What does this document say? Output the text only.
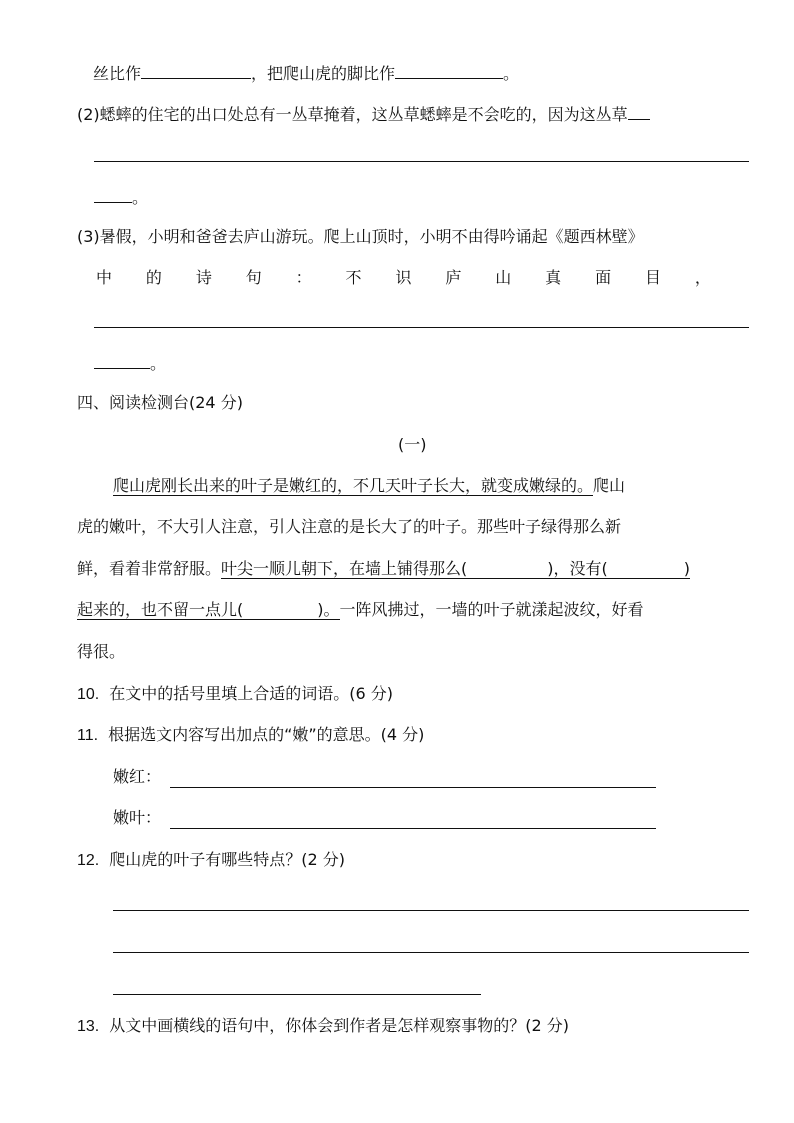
丝比作	，把爬山虎的脚比作	。
(2)蟋蟀的住宅的出口处总有一丛草掩着，这丛草蟋蟀是不会吃的，因为这丛草
。
(3)暑假，小明和爸爸去庐山游玩。爬上山顶时，小明不由得吟诵起《题西林壁》
中 的 诗 句 ： 不 识 庐 山 真 面 目 ，
。
四、阅读检测台(24 分)
(一)
爬山虎刚长出来的叶子是嫩红的，不几天叶子长大，就变成嫩绿的。爬山
虎的嫩叶，不大引人注意，引人注意的是长大了的叶子。那些叶子绿得那么新
鲜，看着非常舒服。叶尖一顺儿朝下，在墙上铺得那么(	)，没有(	)
起来的，也不留一点儿(	)。一阵风拂过，一墙的叶子就漾起波纹，好看
得很。
10. 在文中的括号里填上合适的词语。(6 分)
11. 根据选文内容写出加点的“嫩”的意思。(4 分)
嫩红：
嫩叶：
12. 爬山虎的叶子有哪些特点？(2 分)
13. 从文中画横线的语句中，你体会到作者是怎样观察事物的？(2 分)
